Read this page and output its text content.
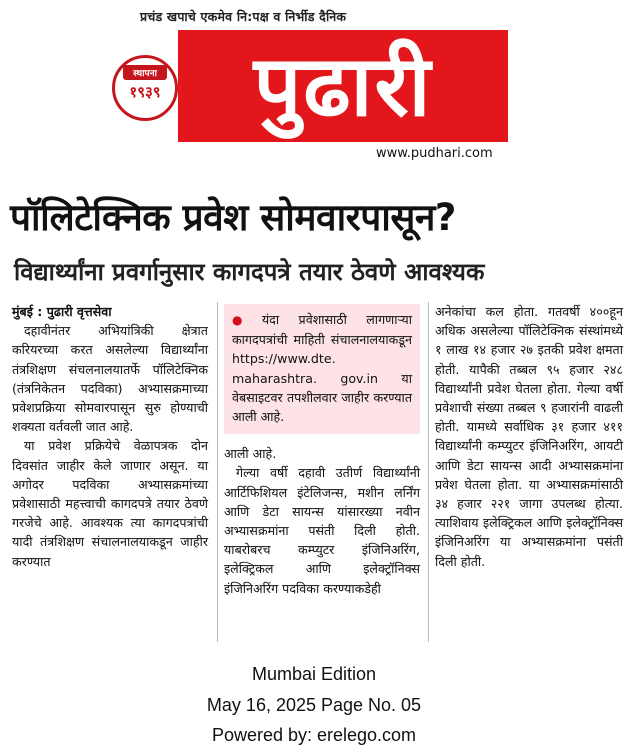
प्रचंड खपाचे एकमेव नि:पक्ष व निर्भीड दैनिक
पुढारी
स्थापना
१९३९
www.pudhari.com
पॉलिटेक्निक प्रवेश सोमवारपासून?
विद्यार्थ्यांना प्रवर्गानुसार कागदपत्रे तयार ठेवणे आवश्यक

मुंबई : पुढारी वृत्तसेवा

दहावीनंतर अभियांत्रिकी क्षेत्रात करियरच्या करत असलेल्या विद्यार्थ्यांना तंत्रशिक्षण संचलनालयातर्फे पॉलिटेक्निक (तंत्रनिकेतन पदविका) अभ्यासक्रमाच्या प्रवेशप्रक्रिया सोमवारपासून सुरु होण्याची शक्यता वर्तवली जात आहे.

या प्रवेश प्रक्रियेचे वेळापत्रक दोन दिवसांत जाहीर केले जाणार असून. या अगोदर पदविका अभ्यासक्रमांच्या प्रवेशासाठी महत्त्वाची कागदपत्रे तयार ठेवणे गरजेचे आहे. आवश्यक त्या कागदपत्रांची यादी तंत्रशिक्षण संचालनालयाकडून जाहीर करण्यात

● यंदा प्रवेशासाठी लागणाऱ्या कागदपत्रांची माहिती संचालनालयाकडून https://www.dte. maharashtra. gov.in या वेबसाइटवर तपशीलवार जाहीर करण्यात आली आहे.

आली आहे.

गेल्या वर्षी दहावी उतीर्ण विद्यार्थ्यांनी आर्टिफिशियल इंटेलिजन्स, मशीन लर्निंग आणि डेटा सायन्स यांसारख्या नवीन अभ्यासक्रमांना पसंती दिली होती. याबरोबरच कम्प्युटर इंजिनिअरिंग, इलेक्ट्रिकल आणि इलेक्ट्रॉनिक्स इंजिनिअरिंग पदविका करण्याकडेही

अनेकांचा कल होता. गतवर्षी ४००हून अधिक असलेल्या पॉलिटेक्निक संस्थांमध्ये १ लाख १४ हजार २७ इतकी प्रवेश क्षमता होती. यापैकी तब्बल ९५ हजार २४८ विद्यार्थ्यांनी प्रवेश घेतला होता. गेल्या वर्षी प्रवेशाची संख्या तब्बल ९ हजारांनी वाढली होती. यामध्ये सर्वाधिक ३१ हजार ४११ विद्यार्थ्यांनी कम्प्युटर इंजिनिअरिंग, आयटी आणि डेटा सायन्स आदी अभ्यासक्रमांना प्रवेश घेतला होता. या अभ्यासक्रमांसाठी ३४ हजार २२१ जागा उपलब्ध होत्या. त्याशिवाय इलेक्ट्रिकल आणि इलेक्ट्रॉनिक्स इंजिनिअरिंग या अभ्यासक्रमांना पसंती दिली होती.

Mumbai Edition
May 16, 2025 Page No. 05
Powered by: erelego.com
